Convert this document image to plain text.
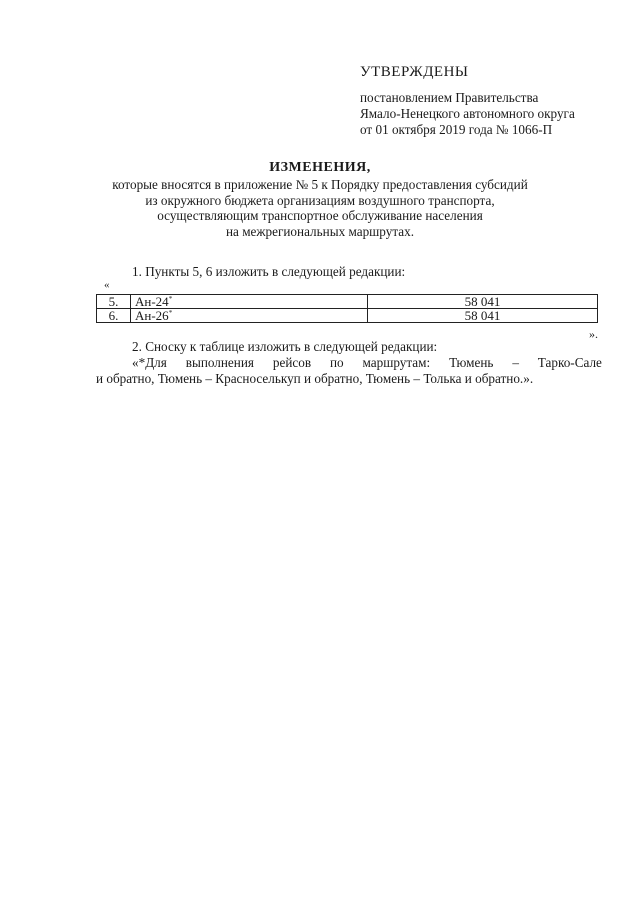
УТВЕРЖДЕНЫ
постановлением Правительства
Ямало-Ненецкого автономного округа
от 01 октября 2019 года № 1066-П
ИЗМЕНЕНИЯ,
которые вносятся в приложение № 5 к Порядку предоставления субсидий
из окружного бюджета организациям воздушного транспорта,
осуществляющим транспортное обслуживание населения
на межрегиональных маршрутах.
1. Пункты 5, 6 изложить в следующей редакции:
«
5.	Ан-24*	58 041
6.	Ан-26*	58 041
».
2. Сноску к таблице изложить в следующей редакции:
«*Для выполнения рейсов по маршрутам: Тюмень – Тарко-Сале
и обратно, Тюмень – Красноселькуп и обратно, Тюмень – Толька и обратно.».
